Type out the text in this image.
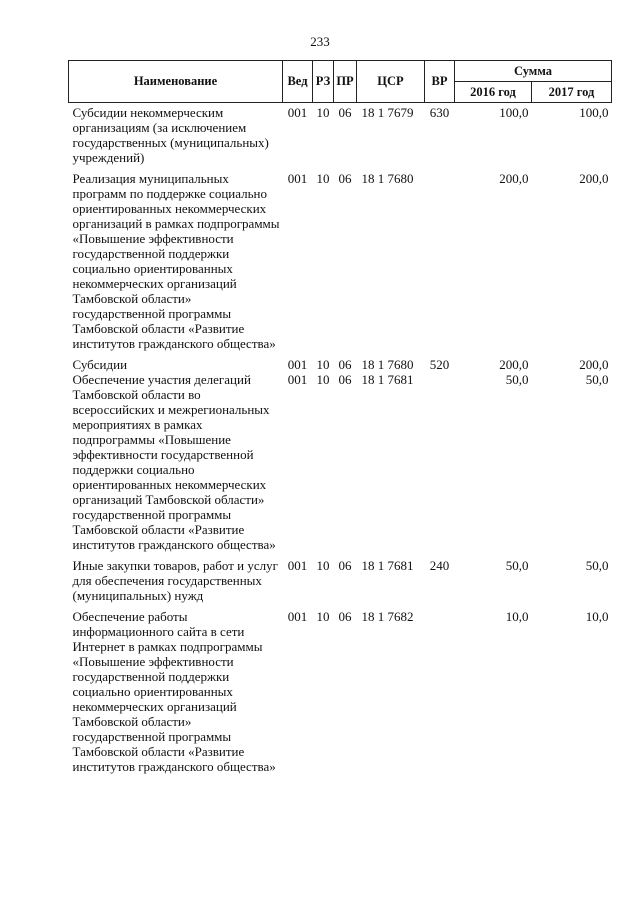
233
Наименование	Вед	РЗ	ПР	ЦСР	ВР	Сумма	
						2016 год	2017 год
Субсидии некоммерческим организациям (за исключением государственных (муниципальных) учреждений)	001	10	06	18 1 7679	630	100,0	100,0

Реализация муниципальных программ по поддержке социально ориентированных некоммерческих организаций в рамках подпрограммы «Повышение эффективности государственной поддержки социально ориентированных некоммерческих организаций Тамбовской области» государственной программы Тамбовской области «Развитие институтов гражданского общества»	001	10	06	18 1 7680		200,0	200,0

Субсидии	001	10	06	18 1 7680	520	200,0	200,0
Обеспечение участия делегаций Тамбовской области во всероссийских и межрегиональных мероприятиях в рамках подпрограммы «Повышение эффективности государственной поддержки социально ориентированных некоммерческих организаций Тамбовской области» государственной программы Тамбовской области «Развитие институтов гражданского общества»	001	10	06	18 1 7681		50,0	50,0

Иные закупки товаров, работ и услуг для обеспечения государственных (муниципальных) нужд	001	10	06	18 1 7681	240	50,0	50,0

Обеспечение работы информационного сайта в сети Интернет в рамках подпрограммы «Повышение эффективности государственной поддержки социально ориентированных некоммерческих организаций Тамбовской области» государственной программы Тамбовской области «Развитие институтов гражданского общества»	001	10	06	18 1 7682		10,0	10,0
